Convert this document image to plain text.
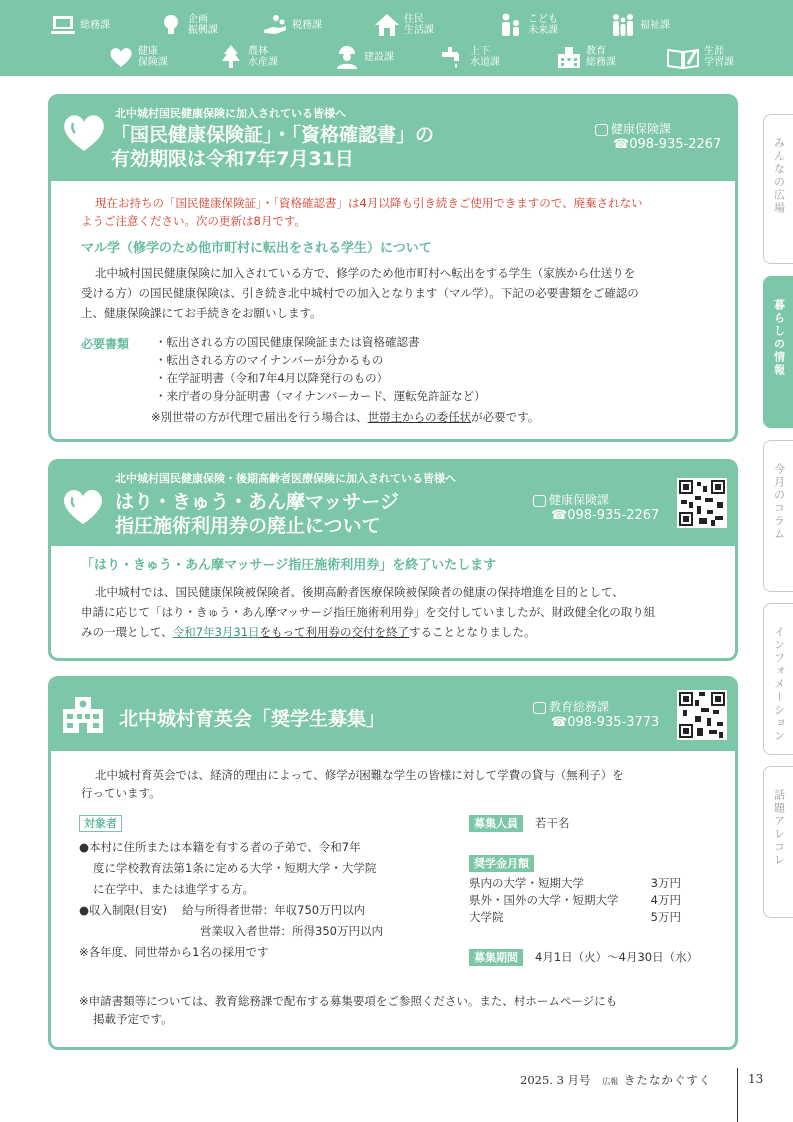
総務課	企画
振興課	税務課	住民
生活課
こども
未来課	福祉課
健康
保険課
農林
水産課	建設課	上下
水道課
教育
総務課
生涯
学習課
みんなの広場
暮らしの情報
今月のコラム
インフォメーション
話題アレコレ
北中城村国民健康保険に加入されている皆様へ
「国民健康保険証」・「資格確認書」の
有効期限は令和7年7月31日
健康保険課
☎098-935-2267
現在お持ちの「国民健康保険証」・「資格確認書」は4月以降も引き続きご使用できますので、廃棄されない
ようご注意ください。次の更新は8月です。
マル学（修学のため他市町村に転出をされる学生）について
北中城村国民健康保険に加入されている方で、修学のため他市町村へ転出をする学生（家族から仕送りを
受ける方）の国民健康保険は、引き続き北中城村での加入となります（マル学）。下記の必要書類をご確認の
上、健康保険課にてお手続きをお願いします。
必要書類 ・転出される方の国民健康保険証または資格確認書
・転出される方のマイナンバーが分かるもの
・在学証明書（令和7年4月以降発行のもの）
・来庁者の身分証明書（マイナンバーカード、運転免許証など）
※別世帯の方が代理で届出を行う場合は、世帯主からの委任状が必要です。
北中城村国民健康保険・後期高齢者医療保険に加入されている皆様へ
はり・きゅう・あん摩マッサージ
指圧施術利用券の廃止について
健康保険課
☎098-935-2267
「はり・きゅう・あん摩マッサージ指圧施術利用券」を終了いたします
北中城村では、国民健康保険被保険者、後期高齢者医療保険被保険者の健康の保持増進を目的として、
申請に応じて「はり・きゅう・あん摩マッサージ指圧施術利用券」を交付していましたが、財政健全化の取り組
みの一環として、令和7年3月31日をもって利用券の交付を終了することとなりました。
北中城村育英会「奨学生募集」
教育総務課
☎098-935-3773
北中城村育英会では、経済的理由によって、修学が困難な学生の皆様に対して学費の貸与（無利子）を
行っています。
対象者
●本村に住所または本籍を有する者の子弟で、令和7年
度に学校教育法第1条に定める大学・短期大学・大学院
に在学中、または進学する方。
●収入制限(目安)　 給与所得者世帯：年収750万円以内
営業収入者世帯：所得350万円以内
※各年度、同世帯から1名の採用です
募集人員 若干名
奨学金月額
県内の大学・短期大学	3万円
県外・国外の大学・短期大学	4万円
大学院	5万円
募集期間 4月1日（火）～4月30日（水）
※申請書類等については、教育総務課で配布する募集要項をご参照ください。また、村ホームページにも
掲載予定です。
2025. 3 月号 広報 きたなかぐすく	13
